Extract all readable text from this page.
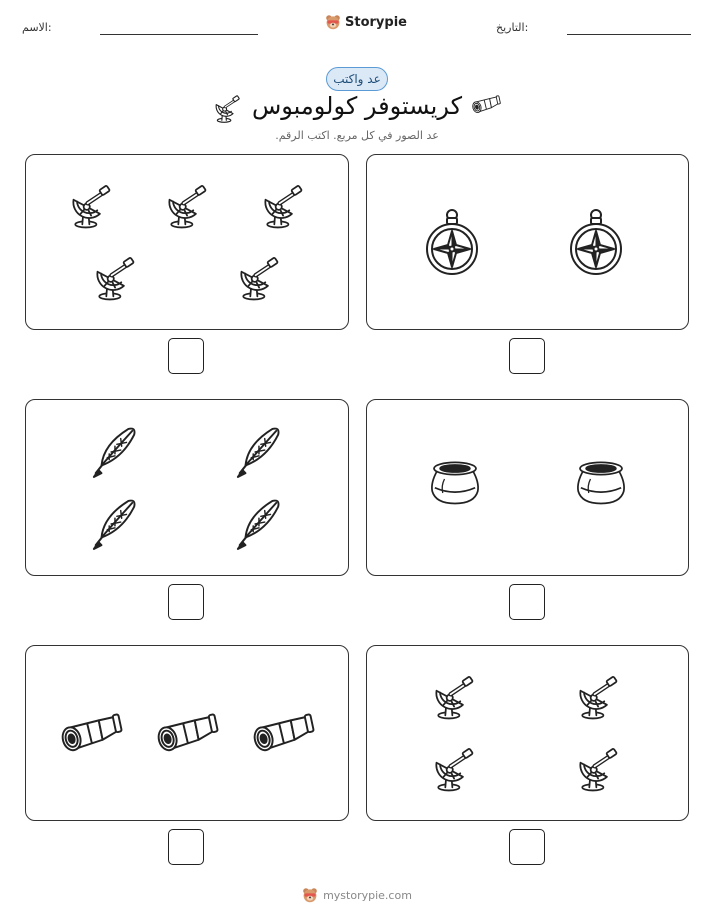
الاسم:	Storypie	التاريخ:
عد واكتب
كريستوفر كولومبوس
عد الصور في كل مربع. اكتب الرقم.
mystorypie.com
